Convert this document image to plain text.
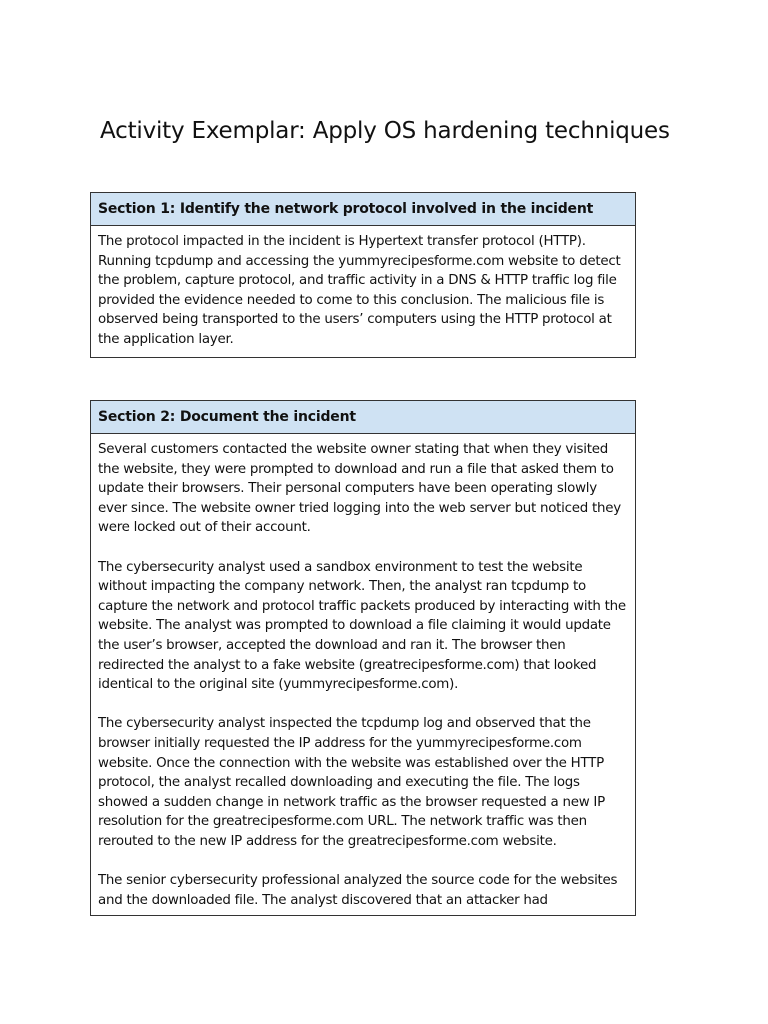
Activity Exemplar: Apply OS hardening techniques
Section 1: Identify the network protocol involved in the incident

The protocol impacted in the incident is Hypertext transfer protocol (HTTP). Running tcpdump and accessing the yummyrecipesforme.com website to detect the problem, capture protocol, and traffic activity in a DNS & HTTP traffic log file provided the evidence needed to come to this conclusion. The malicious file is observed being transported to the users’ computers using the HTTP protocol at the application layer.

Section 2: Document the incident

Several customers contacted the website owner stating that when they visited the website, they were prompted to download and run a file that asked them to update their browsers. Their personal computers have been operating slowly ever since. The website owner tried logging into the web server but noticed they were locked out of their account.

The cybersecurity analyst used a sandbox environment to test the website without impacting the company network. Then, the analyst ran tcpdump to capture the network and protocol traffic packets produced by interacting with the website. The analyst was prompted to download a file claiming it would update the user’s browser, accepted the download and ran it. The browser then redirected the analyst to a fake website (greatrecipesforme.com) that looked identical to the original site (yummyrecipesforme.com).

The cybersecurity analyst inspected the tcpdump log and observed that the browser initially requested the IP address for the yummyrecipesforme.com website. Once the connection with the website was established over the HTTP protocol, the analyst recalled downloading and executing the file. The logs showed a sudden change in network traffic as the browser requested a new IP resolution for the greatrecipesforme.com URL. The network traffic was then rerouted to the new IP address for the greatrecipesforme.com website.

The senior cybersecurity professional analyzed the source code for the websites and the downloaded file. The analyst discovered that an attacker had
